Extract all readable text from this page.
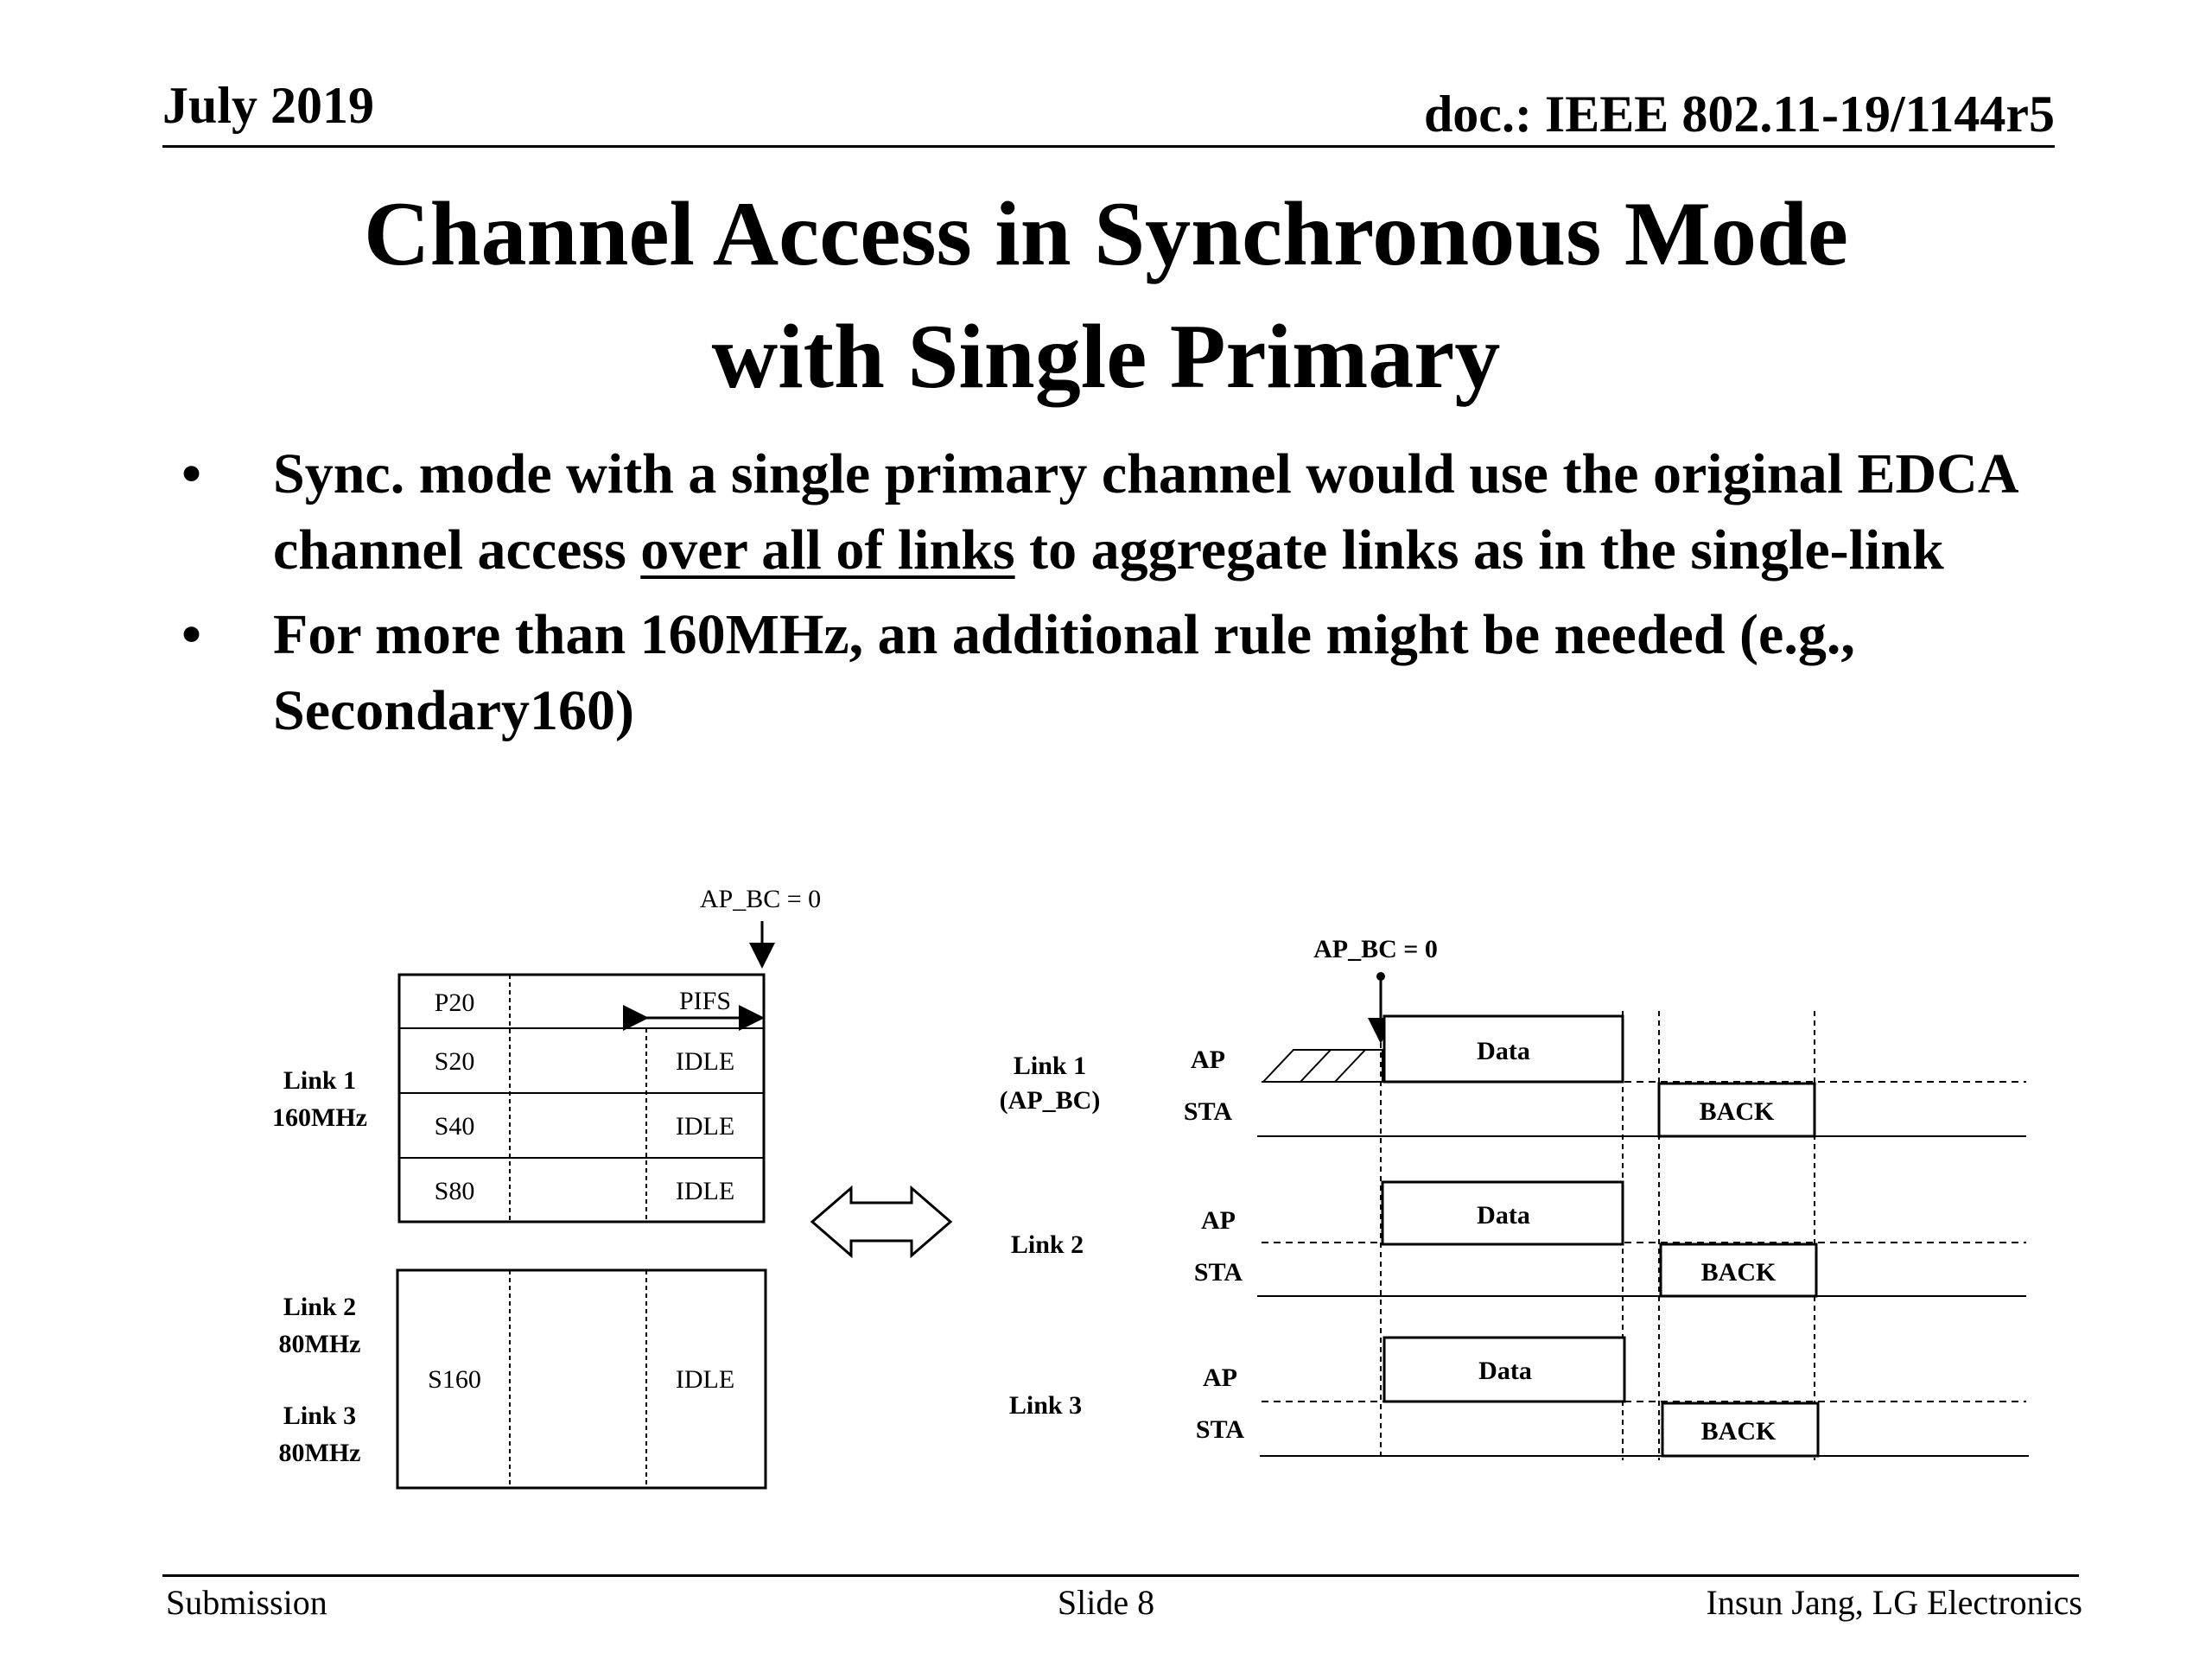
July 2019	doc.: IEEE 802.11-19/1144r5
Channel Access in Synchronous Mode
with Single Primary
• Sync. mode with a single primary channel would use the original EDCA channel access over all of links to aggregate links as in the single-link
• For more than 160MHz, an additional rule might be needed (e.g., Secondary160)
AP_BC = 0
P20	PIFS
S20	IDLE
S40	IDLE
S80	IDLE
Link 1
160MHz
S160	IDLE
Link 2
80MHz
Link 3
80MHz
AP_BC = 0
Link 1
(AP_BC)
AP
STA
Data
BACK
Link 2
AP
STA
Data
BACK
Link 3
AP
STA
Data
BACK
Submission	Slide 8	Insun Jang, LG Electronics
